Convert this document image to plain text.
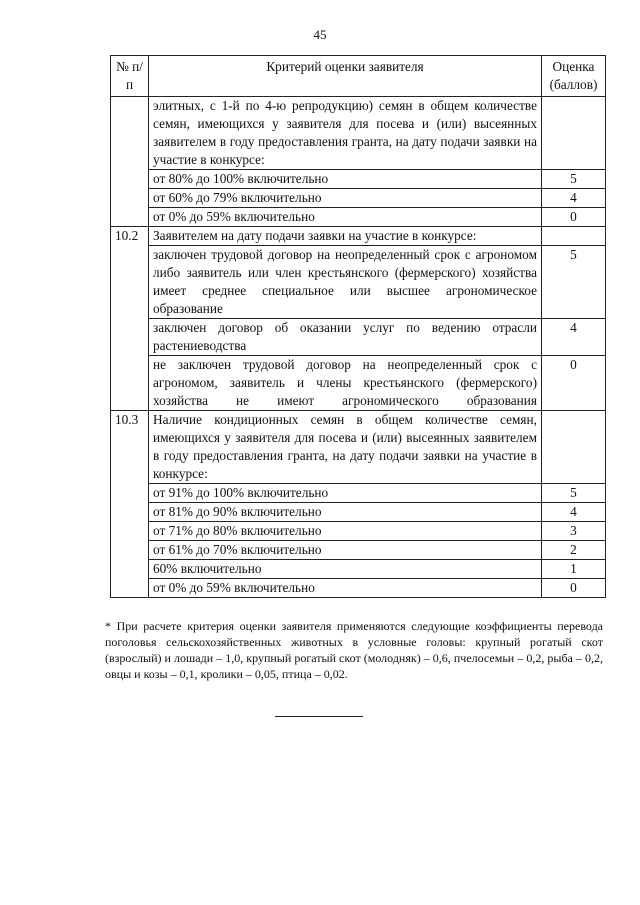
45
№ п/п	Критерий оценки заявителя	Оценка (баллов)
	элитных, с 1-й по 4-ю репродукцию) семян в общем количестве семян, имеющихся у заявителя для посева и (или) высеянных заявителем в году предоставления гранта, на дату подачи заявки на участие в конкурсе:	
	от 80% до 100% включительно	5
	от 60% до 79% включительно	4
	от 0% до 59% включительно	0
10.2	Заявителем на дату подачи заявки на участие в конкурсе:	
	заключен трудовой договор на неопределенный срок с агрономом либо заявитель или член крестьянского (фермерского) хозяйства имеет среднее специальное или высшее агрономическое образование	5
	заключен договор об оказании услуг по ведению отрасли растениеводства	4
	не заключен трудовой договор на неопределенный срок с агрономом, заявитель и члены крестьянского (фермерского) хозяйства не имеют агрономического образования	0
10.3	Наличие кондиционных семян в общем количестве семян, имеющихся у заявителя для посева и (или) высеянных заявителем в году предоставления гранта, на дату подачи заявки на участие в конкурсе:	
	от 91% до 100% включительно	5
	от 81% до 90% включительно	4
	от 71% до 80% включительно	3
	от 61% до 70% включительно	2
	60% включительно	1
	от 0% до 59% включительно	0
* При расчете критерия оценки заявителя применяются следующие коэффициенты перевода поголовья сельскохозяйственных животных в условные головы: крупный рогатый скот (взрослый) и лошади – 1,0, крупный рогатый скот (молодняк) – 0,6, пчелосемьи – 0,2, рыба – 0,2, овцы и козы – 0,1, кролики – 0,05, птица – 0,02.
